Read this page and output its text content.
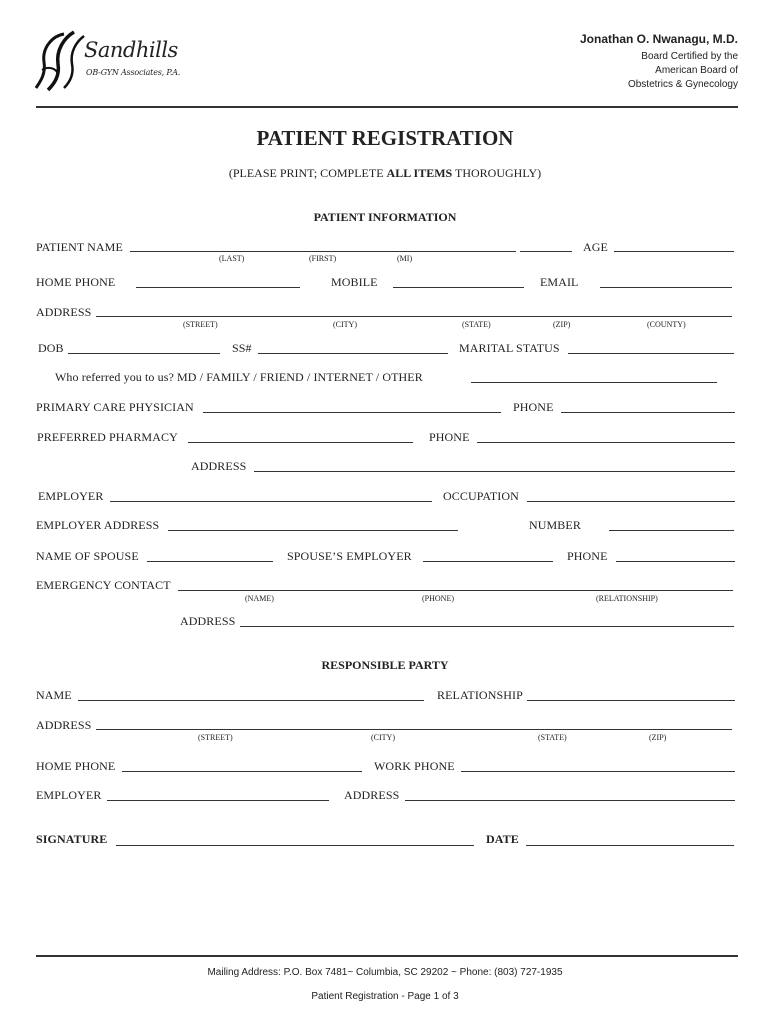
Sandhills
OB-GYN Associates, P.A.
Jonathan O. Nwanagu, M.D.
Board Certified by the
American Board of
Obstetrics & Gynecology
PATIENT REGISTRATION
(PLEASE PRINT; COMPLETE ALL ITEMS THOROUGHLY)
PATIENT INFORMATION
PATIENT NAME
(LAST)	(FIRST)	(MI)
AGE
HOME PHONE	MOBILE	EMAIL
ADDRESS
(STREET)	(CITY)	(STATE)	(ZIP)	(COUNTY)
DOB	SS#	MARITAL STATUS
Who referred you to us? MD / FAMILY / FRIEND / INTERNET / OTHER
PRIMARY CARE PHYSICIAN	PHONE
PREFERRED PHARMACY	PHONE
ADDRESS
EMPLOYER	OCCUPATION
EMPLOYER ADDRESS	NUMBER
NAME OF SPOUSE	SPOUSE’S EMPLOYER	PHONE
EMERGENCY CONTACT
(NAME)	(PHONE)	(RELATIONSHIP)
ADDRESS
RESPONSIBLE PARTY
NAME	RELATIONSHIP
ADDRESS
(STREET)	(CITY)	(STATE)	(ZIP)
HOME PHONE	WORK PHONE
EMPLOYER	ADDRESS
SIGNATURE	DATE
Mailing Address: P.O. Box 7481~ Columbia, SC 29202 ~ Phone: (803) 727-1935
Patient Registration - Page 1 of 3
